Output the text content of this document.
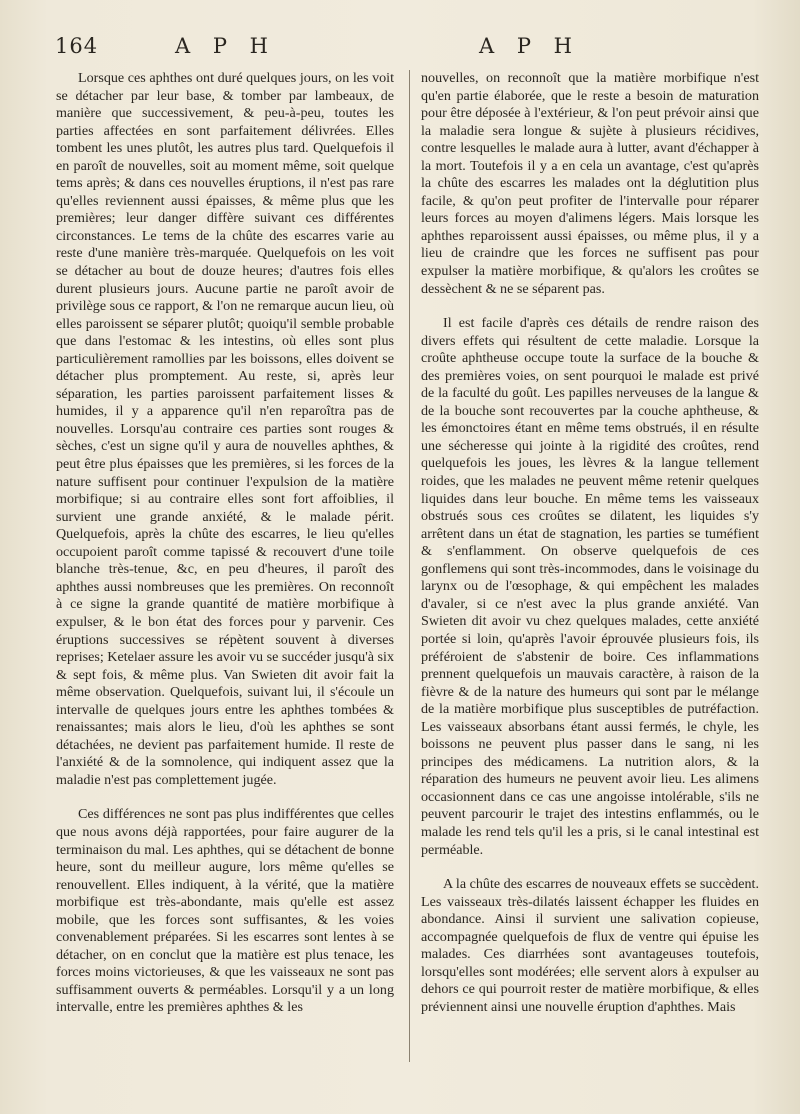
164	A P H	A P H

Lorsque ces aphthes ont duré quelques jours, on les voit se détacher par leur base, & tomber par lambeaux, de manière que successivement, & peu-à-peu, toutes les parties affectées en sont parfaitement délivrées. Elles tombent les unes plutôt, les autres plus tard. Quelquefois il en paroît de nouvelles, soit au moment même, soit quelque tems après; & dans ces nouvelles éruptions, il n'est pas rare qu'elles reviennent aussi épaisses, & même plus que les premières; leur danger diffère suivant ces différentes circonstances. Le tems de la chûte des escarres varie au reste d'une manière très-marquée. Quelquefois on les voit se détacher au bout de douze heures; d'autres fois elles durent plusieurs jours. Aucune partie ne paroît avoir de privilège sous ce rapport, & l'on ne remarque aucun lieu, où elles paroissent se séparer plutôt; quoiqu'il semble probable que dans l'estomac & les intestins, où elles sont plus particulièrement ramollies par les boissons, elles doivent se détacher plus promptement. Au reste, si, après leur séparation, les parties paroissent parfaitement lisses & humides, il y a apparence qu'il n'en reparoîtra pas de nouvelles. Lorsqu'au contraire ces parties sont rouges & sèches, c'est un signe qu'il y aura de nouvelles aphthes, & peut être plus épaisses que les premières, si les forces de la nature suffisent pour continuer l'expulsion de la matière morbifique; si au contraire elles sont fort affoiblies, il survient une grande anxiété, & le malade périt. Quelquefois, après la chûte des escarres, le lieu qu'elles occupoient paroît comme tapissé & recouvert d'une toile blanche très-tenue, &c, en peu d'heures, il paroît des aphthes aussi nombreuses que les premières. On reconnoît à ce signe la grande quantité de matière morbifique à expulser, & le bon état des forces pour y parvenir. Ces éruptions successives se répètent souvent à diverses reprises; Ketelaer assure les avoir vu se succéder jusqu'à six & sept fois, & même plus. Van Swieten dit avoir fait la même observation. Quelquefois, suivant lui, il s'écoule un intervalle de quelques jours entre les aphthes tombées & renaissantes; mais alors le lieu, d'où les aphthes se sont détachées, ne devient pas parfaitement humide. Il reste de l'anxiété & de la somnolence, qui indiquent assez que la maladie n'est pas complettement jugée.

Ces différences ne sont pas plus indifférentes que celles que nous avons déjà rapportées, pour faire augurer de la terminaison du mal. Les aphthes, qui se détachent de bonne heure, sont du meilleur augure, lors même qu'elles se renouvellent. Elles indiquent, à la vérité, que la matière morbifique est très-abondante, mais qu'elle est assez mobile, que les forces sont suffisantes, & les voies convenablement préparées. Si les escarres sont lentes à se détacher, on en conclut que la matière est plus tenace, les forces moins victorieuses, & que les vaisseaux ne sont pas suffisamment ouverts & perméables. Lorsqu'il y a un long intervalle, entre les premières aphthes & les

nouvelles, on reconnoît que la matière morbifique n'est qu'en partie élaborée, que le reste a besoin de maturation pour être déposée à l'extérieur, & l'on peut prévoir ainsi que la maladie sera longue & sujète à plusieurs récidives, contre lesquelles le malade aura à lutter, avant d'échapper à la mort. Toutefois il y a en cela un avantage, c'est qu'après la chûte des escarres les malades ont la déglutition plus facile, & qu'on peut profiter de l'intervalle pour réparer leurs forces au moyen d'alimens légers. Mais lorsque les aphthes reparoissent aussi épaisses, ou même plus, il y a lieu de craindre que les forces ne suffisent pas pour expulser la matière morbifique, & qu'alors les croûtes se dessèchent & ne se séparent pas.

Il est facile d'après ces détails de rendre raison des divers effets qui résultent de cette maladie. Lorsque la croûte aphtheuse occupe toute la surface de la bouche & des premières voies, on sent pourquoi le malade est privé de la faculté du goût. Les papilles nerveuses de la langue & de la bouche sont recouvertes par la couche aphtheuse, & les émonctoires étant en même tems obstrués, il en résulte une sécheresse qui jointe à la rigidité des croûtes, rend quelquefois les joues, les lèvres & la langue tellement roides, que les malades ne peuvent même retenir quelques liquides dans leur bouche. En même tems les vaisseaux obstrués sous ces croûtes se dilatent, les liquides s'y arrêtent dans un état de stagnation, les parties se tuméfient & s'enflamment. On observe quelquefois de ces gonflemens qui sont très-incommodes, dans le voisinage du larynx ou de l'œsophage, & qui empêchent les malades d'avaler, si ce n'est avec la plus grande anxiété. Van Swieten dit avoir vu chez quelques malades, cette anxiété portée si loin, qu'après l'avoir éprouvée plusieurs fois, ils préféroient de s'abstenir de boire. Ces inflammations prennent quelquefois un mauvais caractère, à raison de la fièvre & de la nature des humeurs qui sont par le mélange de la matière morbifique plus susceptibles de putréfaction. Les vaisseaux absorbans étant aussi fermés, le chyle, les boissons ne peuvent plus passer dans le sang, ni les principes des médicamens. La nutrition alors, & la réparation des humeurs ne peuvent avoir lieu. Les alimens occasionnent dans ce cas une angoisse intolérable, s'ils ne peuvent parcourir le trajet des intestins enflammés, ou le malade les rend tels qu'il les a pris, si le canal intestinal est perméable.

A la chûte des escarres de nouveaux effets se succèdent. Les vaisseaux très-dilatés laissent échapper les fluides en abondance. Ainsi il survient une salivation copieuse, accompagnée quelquefois de flux de ventre qui épuise les malades. Ces diarrhées sont avantageuses toutefois, lorsqu'elles sont modérées; elle servent alors à expulser au dehors ce qui pourroit rester de matière morbifique, & elles préviennent ainsi une nouvelle éruption d'aphthes. Mais
